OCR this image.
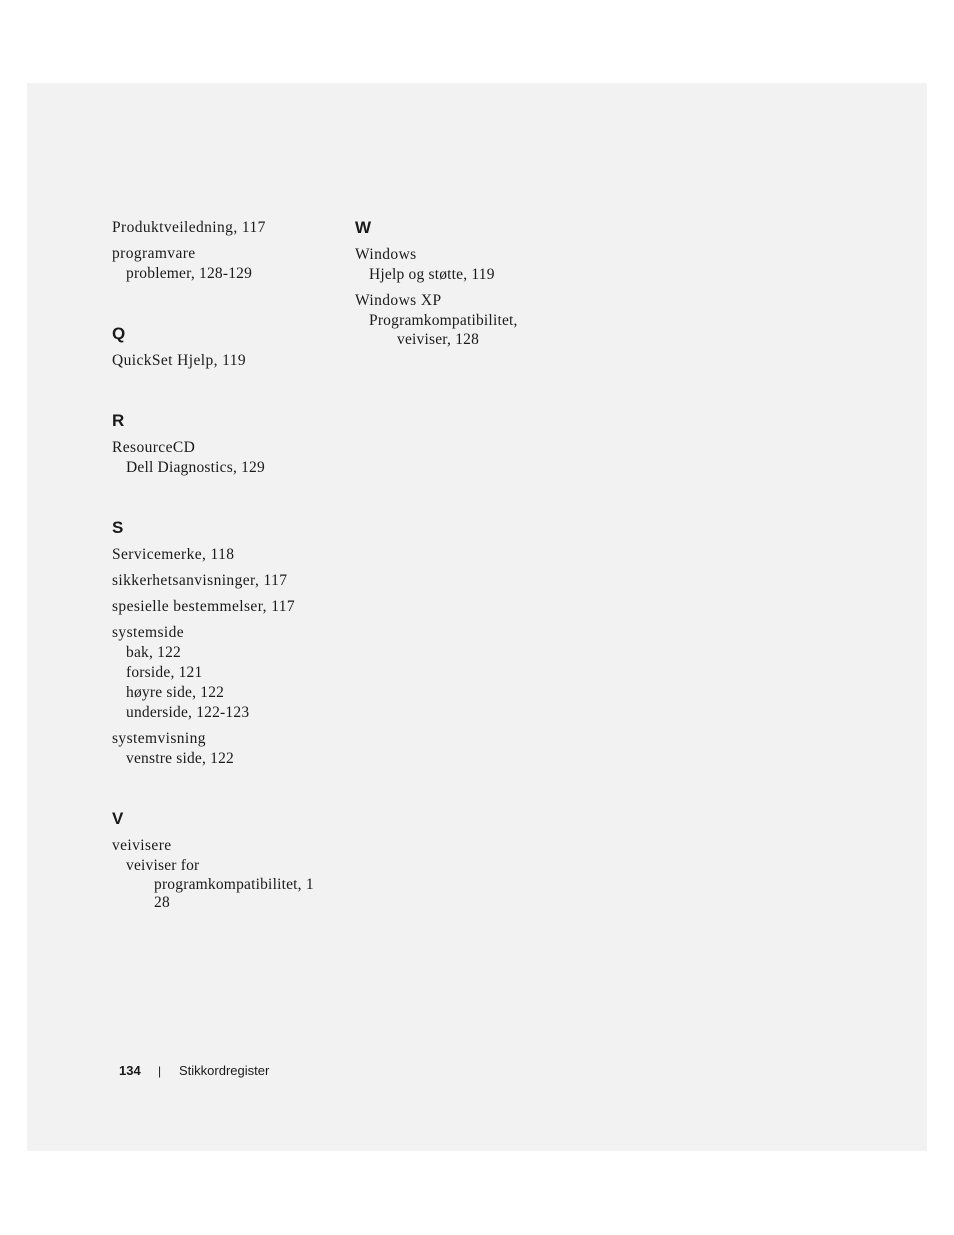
Produktveiledning, 117
programvare
problemer, 128-129
Q
QuickSet Hjelp, 119
R
ResourceCD
Dell Diagnostics, 129
S
Servicemerke, 118
sikkerhetsanvisninger, 117
spesielle bestemmelser, 117
systemside
bak, 122
forside, 121
høyre side, 122
underside, 122-123
systemvisning
venstre side, 122
V
veivisere
veiviser for
programkompatibilitet, 1
28
W
Windows
Hjelp og støtte, 119
Windows XP
Programkompatibilitet,
veiviser, 128
134 | Stikkordregister
